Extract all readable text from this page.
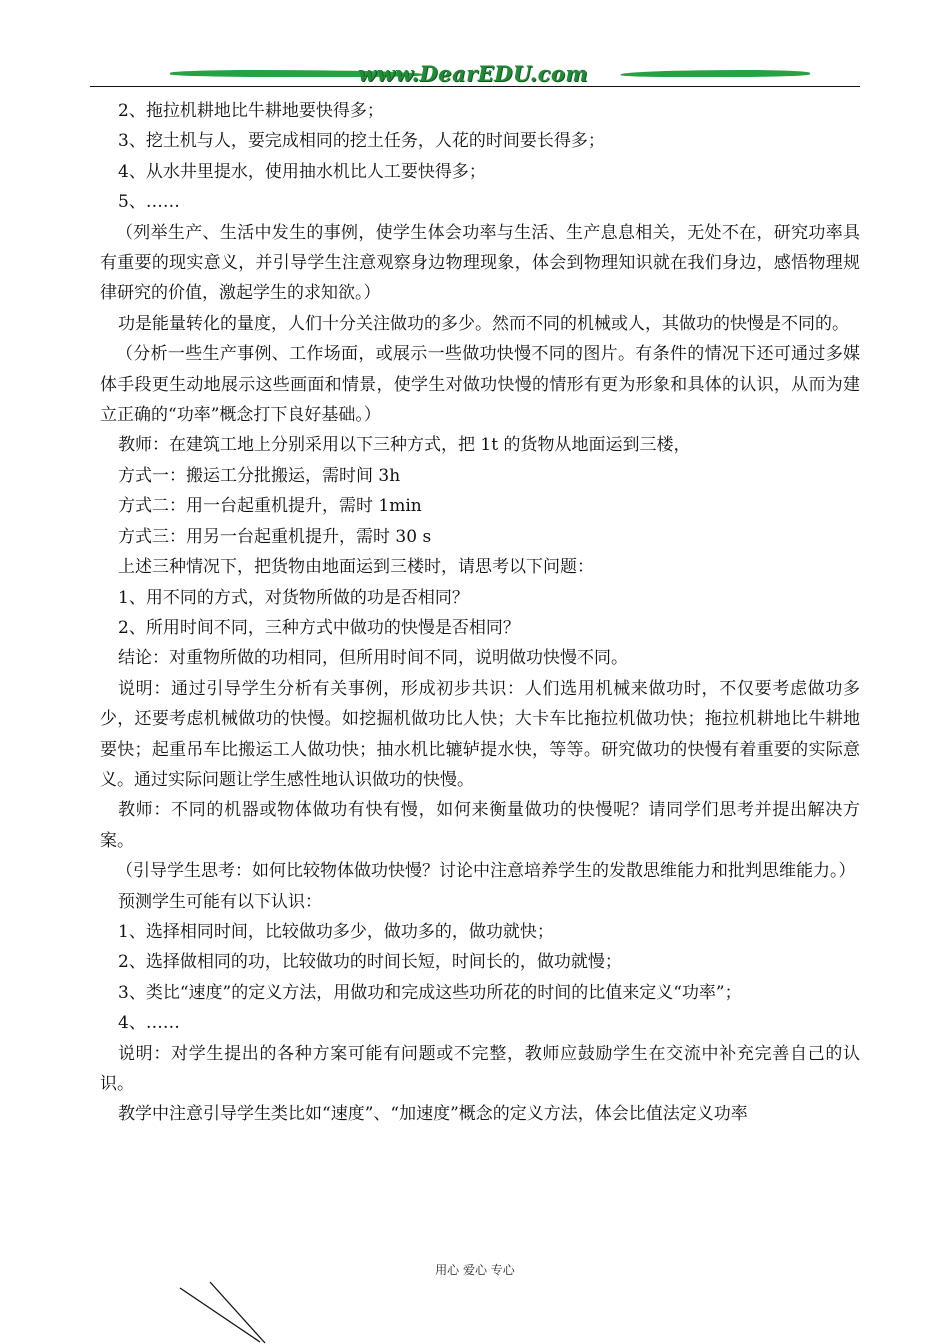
www.DearEDU.com

2、拖拉机耕地比牛耕地要快得多；

3、挖土机与人，要完成相同的挖土任务，人花的时间要长得多；

4、从水井里提水，使用抽水机比人工要快得多；

5、……

（列举生产、生活中发生的事例，使学生体会功率与生活、生产息息相关，无处不在，研究功率具有重要的现实意义，并引导学生注意观察身边物理现象，体会到物理知识就在我们身边，感悟物理规律研究的价值，激起学生的求知欲。）

功是能量转化的量度，人们十分关注做功的多少。然而不同的机械或人，其做功的快慢是不同的。

（分析一些生产事例、工作场面，或展示一些做功快慢不同的图片。有条件的情况下还可通过多媒体手段更生动地展示这些画面和情景，使学生对做功快慢的情形有更为形象和具体的认识，从而为建立正确的“功率”概念打下良好基础。）

教师：在建筑工地上分别采用以下三种方式，把 1t 的货物从地面运到三楼，

方式一：搬运工分批搬运，需时间 3h

方式二：用一台起重机提升，需时 1min

方式三：用另一台起重机提升，需时 30 s

上述三种情况下，把货物由地面运到三楼时，请思考以下问题：

1、用不同的方式，对货物所做的功是否相同？

2、所用时间不同，三种方式中做功的快慢是否相同？

结论：对重物所做的功相同，但所用时间不同，说明做功快慢不同。

说明：通过引导学生分析有关事例，形成初步共识：人们选用机械来做功时，不仅要考虑做功多少，还要考虑机械做功的快慢。如挖掘机做功比人快；大卡车比拖拉机做功快；拖拉机耕地比牛耕地要快；起重吊车比搬运工人做功快；抽水机比辘轳提水快，等等。研究做功的快慢有着重要的实际意义。通过实际问题让学生感性地认识做功的快慢。

教师：不同的机器或物体做功有快有慢，如何来衡量做功的快慢呢？请同学们思考并提出解决方案。

（引导学生思考：如何比较物体做功快慢？讨论中注意培养学生的发散思维能力和批判思维能力。）

预测学生可能有以下认识：

1、选择相同时间，比较做功多少，做功多的，做功就快；

2、选择做相同的功，比较做功的时间长短，时间长的，做功就慢；

3、类比“速度”的定义方法，用做功和完成这些功所花的时间的比值来定义“功率”；

4、……

说明：对学生提出的各种方案可能有问题或不完整，教师应鼓励学生在交流中补充完善自己的认识。

教学中注意引导学生类比如“速度”、“加速度”概念的定义方法，体会比值法定义功率

用心 爱心 专心
